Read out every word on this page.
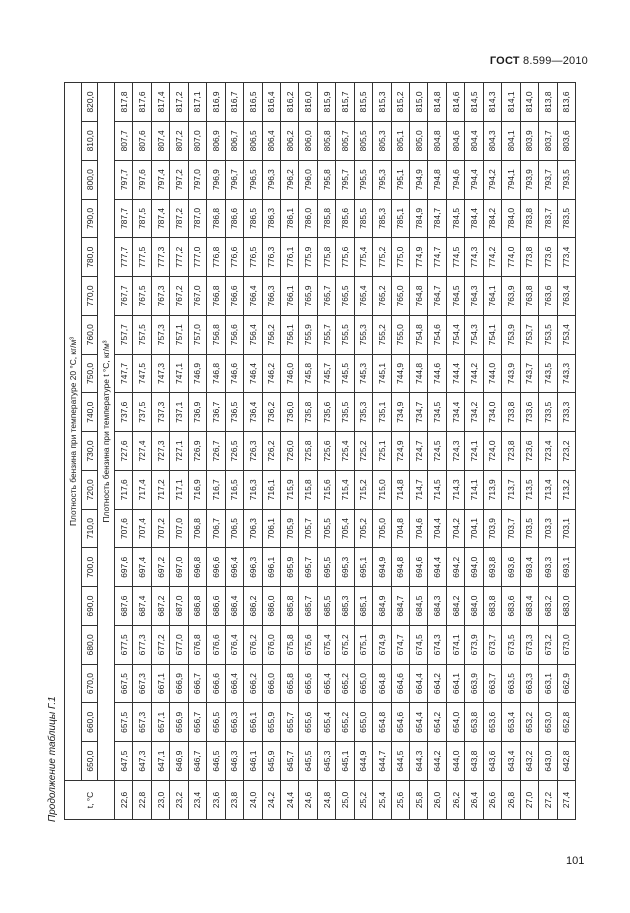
ГОСТ 8.599—2010
Продолжение таблицы Г.1	t, °С	Плотность бензина при температуре 20 °С, кг/м³																	
	650,0	660,0	670,0	680,0	690,0	700,0	710,0	720,0	730,0	740,0	750,0	760,0	770,0	780,0	790,0	800,0	810,0	820,0
	Плотность бензина при температуре t °С, кг/м³																	
22,6	647,5	657,5	667,5	677,5	687,6	697,6	707,6	717,6	727,6	737,6	747,7	757,7	767,7	777,7	787,7	797,7	807,7	817,8
22,8	647,3	657,3	667,3	677,3	687,4	697,4	707,4	717,4	727,4	737,5	747,5	757,5	767,5	777,5	787,5	797,6	807,6	817,6
23,0	647,1	657,1	667,1	677,2	687,2	697,2	707,2	717,2	727,3	737,3	747,3	757,3	767,3	777,3	787,4	797,4	807,4	817,4
23,2	646,9	656,9	666,9	677,0	687,0	697,0	707,0	717,1	727,1	737,1	747,1	757,1	767,2	777,2	787,2	797,2	807,2	817,2
23,4	646,7	656,7	666,7	676,8	686,8	696,8	706,8	716,9	726,9	736,9	746,9	757,0	767,0	777,0	787,0	797,0	807,0	817,1
23,6	646,5	656,5	666,6	676,6	686,6	696,6	706,7	716,7	726,7	736,7	746,8	756,8	766,8	776,8	786,8	796,9	806,9	816,9
23,8	646,3	656,3	666,4	676,4	686,4	696,4	706,5	716,5	726,5	736,5	746,6	756,6	766,6	776,6	786,6	796,7	806,7	816,7
24,0	646,1	656,1	666,2	676,2	686,2	696,3	706,3	716,3	726,3	736,4	746,4	756,4	766,4	776,5	786,5	796,5	806,5	816,5
24,2	645,9	655,9	666,0	676,0	686,0	696,1	706,1	716,1	726,2	736,2	746,2	756,2	766,3	776,3	786,3	796,3	806,4	816,4
24,4	645,7	655,7	665,8	675,8	685,8	695,9	705,9	715,9	726,0	736,0	746,0	756,1	766,1	776,1	786,1	796,2	806,2	816,2
24,6	645,5	655,6	665,6	675,6	685,7	695,7	705,7	715,8	725,8	735,8	745,8	755,9	765,9	775,9	786,0	796,0	806,0	816,0
24,8	645,3	655,4	665,4	675,4	685,5	695,5	705,5	715,6	725,6	735,6	745,7	755,7	765,7	775,8	785,8	795,8	805,8	815,9
25,0	645,1	655,2	665,2	675,2	685,3	695,3	705,4	715,4	725,4	735,5	745,5	755,5	765,5	775,6	785,6	795,7	805,7	815,7
25,2	644,9	655,0	665,0	675,1	685,1	695,1	705,2	715,2	725,2	735,3	745,3	755,3	765,4	775,4	785,5	795,5	805,5	815,5
25,4	644,7	654,8	664,8	674,9	684,9	694,9	705,0	715,0	725,1	735,1	745,1	755,2	765,2	775,2	785,3	795,3	805,3	815,3
25,6	644,5	654,6	664,6	674,7	684,7	694,8	704,8	714,8	724,9	734,9	744,9	755,0	765,0	775,0	785,1	795,1	805,1	815,2
25,8	644,3	654,4	664,4	674,5	684,5	694,6	704,6	714,7	724,7	734,7	744,8	754,8	764,8	774,9	784,9	794,9	805,0	815,0
26,0	644,2	654,2	664,2	674,3	684,3	694,4	704,4	714,5	724,5	734,5	744,6	754,6	764,7	774,7	784,7	794,8	804,8	814,8
26,2	644,0	654,0	664,1	674,1	684,2	694,2	704,2	714,3	724,3	734,4	744,4	754,4	764,5	774,5	784,5	794,6	804,6	814,6
26,4	643,8	653,8	663,9	673,9	684,0	694,0	704,1	714,1	724,1	734,2	744,2	754,3	764,3	774,3	784,4	794,4	804,4	814,5
26,6	643,6	653,6	663,7	673,7	683,8	693,8	703,9	713,9	724,0	734,0	744,0	754,1	764,1	774,2	784,2	794,2	804,3	814,3
26,8	643,4	653,4	663,5	673,5	683,6	693,6	703,7	713,7	723,8	733,8	743,9	753,9	763,9	774,0	784,0	794,1	804,1	814,1
27,0	643,2	653,2	663,3	673,3	683,4	693,4	703,5	713,5	723,6	733,6	743,7	753,7	763,8	773,8	783,8	793,9	803,9	814,0
27,2	643,0	653,0	663,1	673,2	683,2	693,3	703,3	713,4	723,4	733,5	743,5	753,5	763,6	773,6	783,7	793,7	803,7	813,8
27,4	642,8	652,8	662,9	673,0	683,0	693,1	703,1	713,2	723,2	733,3	743,3	753,4	763,4	773,4	783,5	793,5	803,6	813,6
101
